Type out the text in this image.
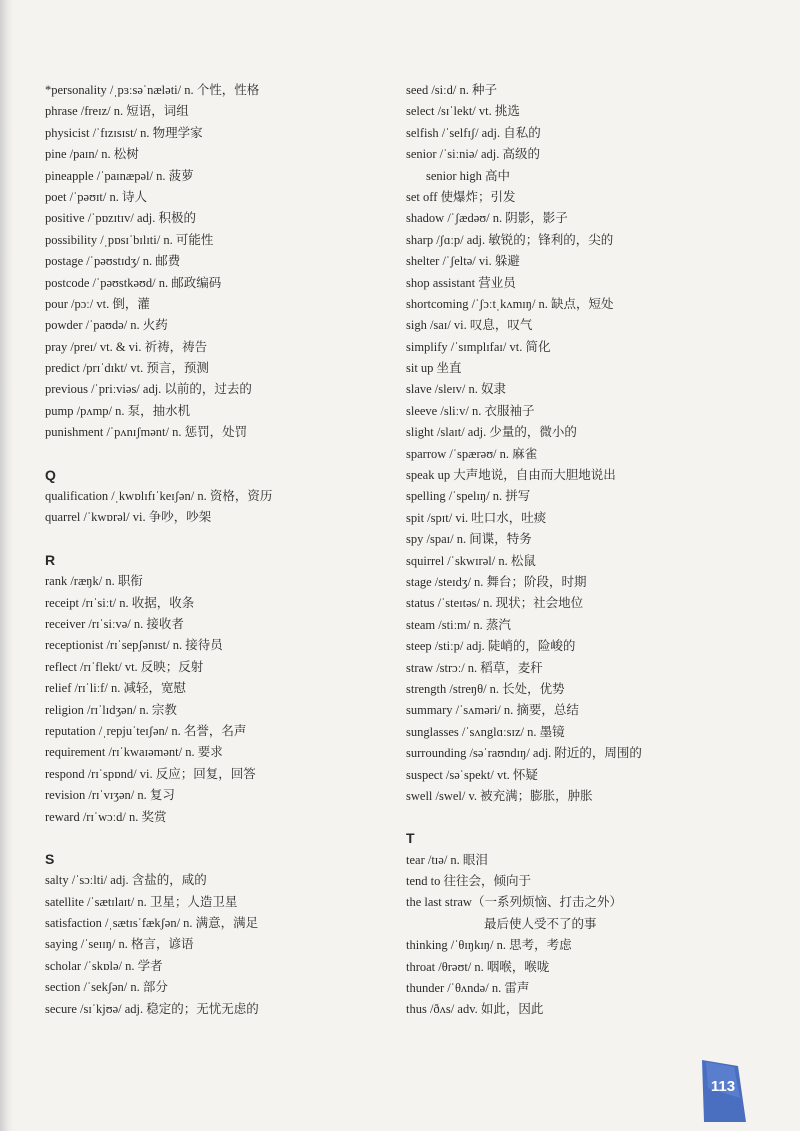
*personality /ˌpɜːsəˈnæləti/ n. 个性，性格
phrase /freɪz/ n. 短语，词组
physicist /ˈfɪzɪsɪst/ n. 物理学家
pine /paɪn/ n. 松树
pineapple /ˈpaɪnæpəl/ n. 菠萝
poet /ˈpəʊɪt/ n. 诗人
positive /ˈpɒzɪtɪv/ adj. 积极的
possibility /ˌpɒsɪˈbɪlɪti/ n. 可能性
postage /ˈpəʊstɪdʒ/ n. 邮费
postcode /ˈpəʊstkəʊd/ n. 邮政编码
pour /pɔː/ vt. 倒，灌
powder /ˈpaʊdə/ n. 火药
pray /preɪ/ vt. & vi. 祈祷，祷告
predict /prɪˈdɪkt/ vt. 预言，预测
previous /ˈpriːviəs/ adj. 以前的，过去的
pump /pʌmp/ n. 泵，抽水机
punishment /ˈpʌnɪʃmənt/ n. 惩罚，处罚
Q
qualification /ˌkwɒlɪfɪˈkeɪʃən/ n. 资格，资历
quarrel /ˈkwɒrəl/ vi. 争吵，吵架
R
rank /ræŋk/ n. 职衔
receipt /rɪˈsiːt/ n. 收据，收条
receiver /rɪˈsiːvə/ n. 接收者
receptionist /rɪˈsepʃənɪst/ n. 接待员
reflect /rɪˈflekt/ vt. 反映；反射
relief /rɪˈliːf/ n. 减轻，宽慰
religion /rɪˈlɪdʒən/ n. 宗教
reputation /ˌrepjuˈteɪʃən/ n. 名誉，名声
requirement /rɪˈkwaɪəmənt/ n. 要求
respond /rɪˈspɒnd/ vi. 反应；回复，回答
revision /rɪˈvɪʒən/ n. 复习
reward /rɪˈwɔːd/ n. 奖赏
S
salty /ˈsɔːlti/ adj. 含盐的，咸的
satellite /ˈsætɪlaɪt/ n. 卫星；人造卫星
satisfaction /ˌsætɪsˈfækʃən/ n. 满意，满足
saying /ˈseɪɪŋ/ n. 格言，谚语
scholar /ˈskɒlə/ n. 学者
section /ˈsekʃən/ n. 部分
secure /sɪˈkjʊə/ adj. 稳定的；无忧无虑的
seed /siːd/ n. 种子
select /sɪˈlekt/ vt. 挑选
selfish /ˈselfɪʃ/ adj. 自私的
senior /ˈsiːniə/ adj. 高级的
senior high 高中
set off 使爆炸；引发
shadow /ˈʃædəʊ/ n. 阴影，影子
sharp /ʃɑːp/ adj. 敏锐的；锋利的，尖的
shelter /ˈʃeltə/ vi. 躲避
shop assistant 营业员
shortcoming /ˈʃɔːtˌkʌmɪŋ/ n. 缺点，短处
sigh /saɪ/ vi. 叹息，叹气
simplify /ˈsɪmplɪfaɪ/ vt. 简化
sit up 坐直
slave /sleɪv/ n. 奴隶
sleeve /sliːv/ n. 衣服袖子
slight /slaɪt/ adj. 少量的，微小的
sparrow /ˈspærəʊ/ n. 麻雀
speak up 大声地说，自由而大胆地说出
spelling /ˈspelɪŋ/ n. 拼写
spit /spɪt/ vi. 吐口水，吐痰
spy /spaɪ/ n. 间谍，特务
squirrel /ˈskwɪrəl/ n. 松鼠
stage /steɪdʒ/ n. 舞台；阶段，时期
status /ˈsteɪtəs/ n. 现状；社会地位
steam /stiːm/ n. 蒸汽
steep /stiːp/ adj. 陡峭的，险峻的
straw /strɔː/ n. 稻草，麦秆
strength /streŋθ/ n. 长处，优势
summary /ˈsʌməri/ n. 摘要，总结
sunglasses /ˈsʌnglɑːsɪz/ n. 墨镜
surrounding /səˈraʊndɪŋ/ adj. 附近的，周围的
suspect /səˈspekt/ vt. 怀疑
swell /swel/ v. 被充满；膨胀，肿胀
T
tear /tɪə/ n. 眼泪
tend to 往往会，倾向于
the last straw（一系列烦恼、打击之外）
最后使人受不了的事
thinking /ˈθɪŋkɪŋ/ n. 思考，考虑
throat /θrəʊt/ n. 咽喉，喉咙
thunder /ˈθʌndə/ n. 雷声
thus /ðʌs/ adv. 如此，因此
113
